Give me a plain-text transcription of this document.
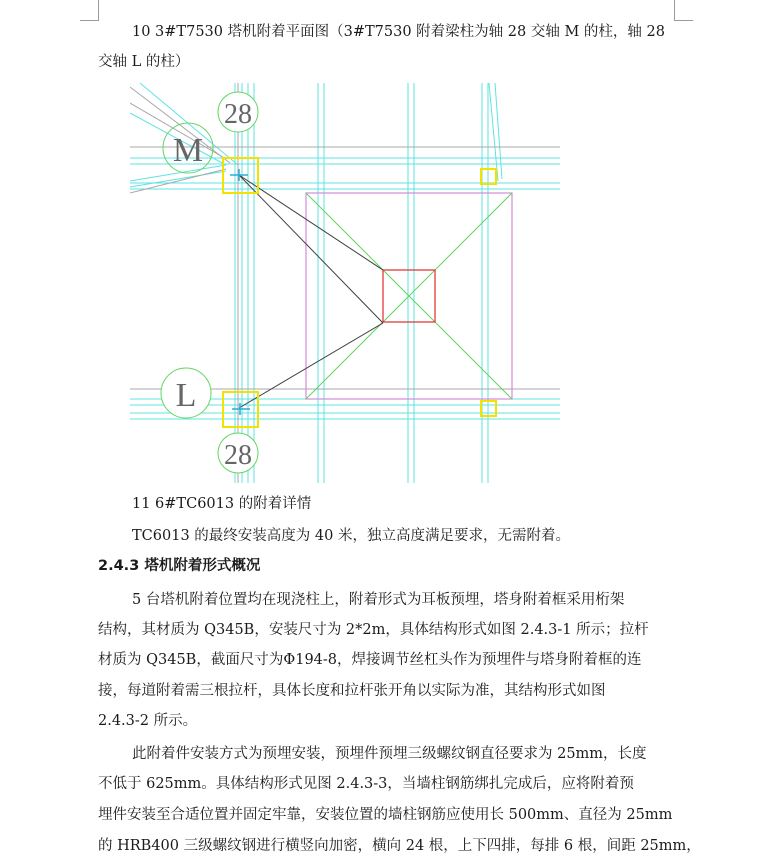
10 3#T7530 塔机附着平面图（3#T7530 附着梁柱为轴 28 交轴 M 的柱，轴 28
交轴 L 的柱）
28
M
L
28
11 6#TC6013 的附着详情
TC6013 的最终安装高度为 40 米，独立高度满足要求，无需附着。
2.4.3 塔机附着形式概况
5 台塔机附着位置均在现浇柱上，附着形式为耳板预埋，塔身附着框采用桁架
结构，其材质为 Q345B，安装尺寸为 2*2m，具体结构形式如图 2.4.3-1 所示；拉杆
材质为 Q345B，截面尺寸为Φ194-8，焊接调节丝杠头作为预埋件与塔身附着框的连
接，每道附着需三根拉杆，具体长度和拉杆张开角以实际为准，其结构形式如图
2.4.3-2 所示。
此附着件安装方式为预埋安装，预埋件预埋三级螺纹钢直径要求为 25mm，长度
不低于 625mm。具体结构形式见图 2.4.3-3，当墙柱钢筋绑扎完成后，应将附着预
埋件安装至合适位置并固定牢靠，安装位置的墙柱钢筋应使用长 500mm、直径为 25mm
的 HRB400 三级螺纹钢进行横竖向加密，横向 24 根，上下四排，每排 6 根，间距 25mm，
